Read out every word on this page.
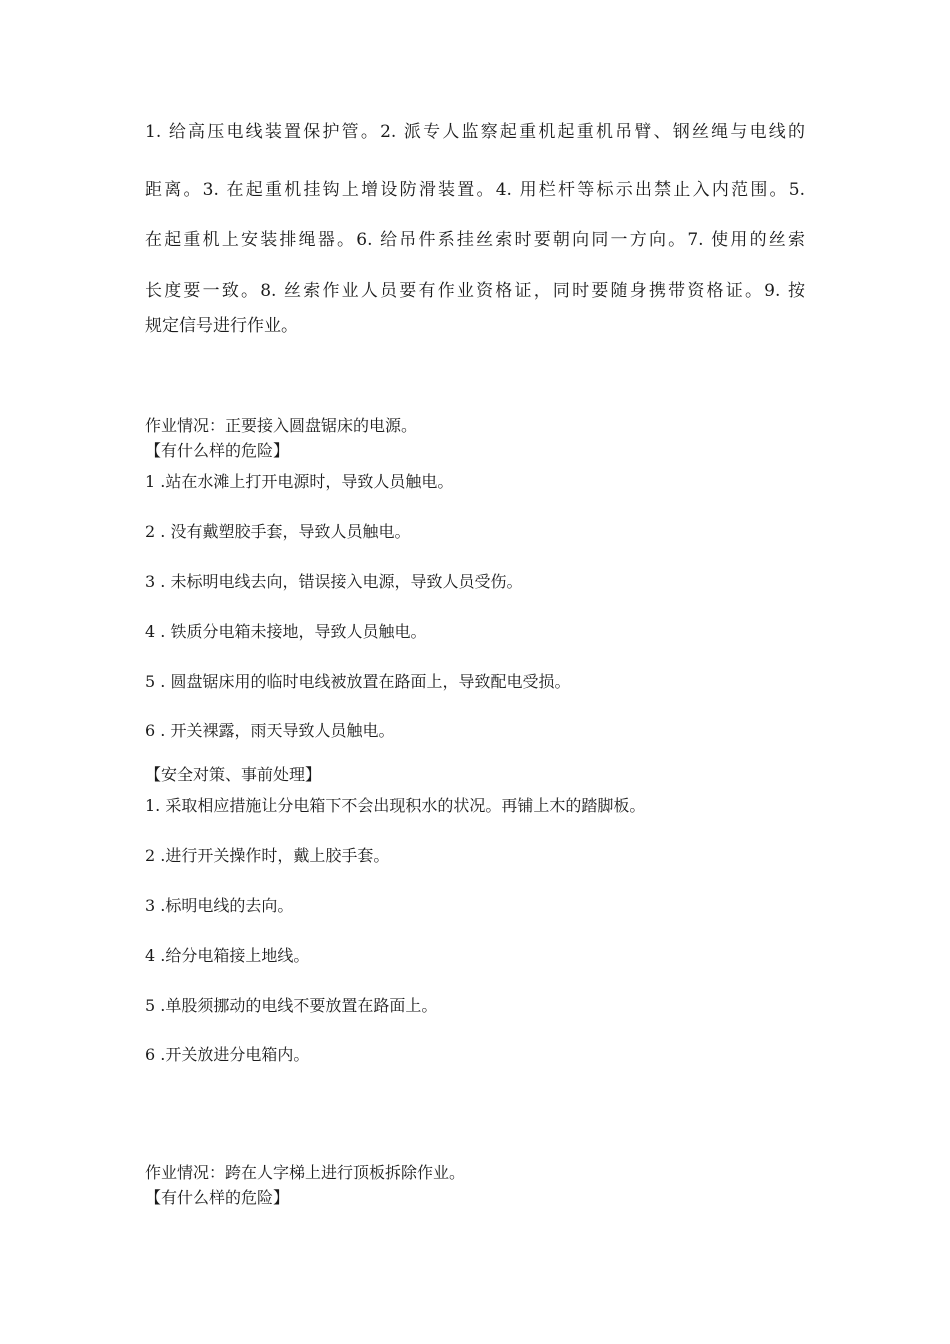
1. 给高压电线装置保护管。2. 派专人监察起重机起重机吊臂、钢丝绳与电线的
距离。3. 在起重机挂钩上增设防滑装置。4. 用栏杆等标示出禁止入内范围。5.
在起重机上安装排绳器。6. 给吊件系挂丝索时要朝向同一方向。7. 使用的丝索
长度要一致。8. 丝索作业人员要有作业资格证，同时要随身携带资格证。9. 按
规定信号进行作业。
作业情况：正要接入圆盘锯床的电源。
【有什么样的危险】
1 .站在水滩上打开电源时，导致人员触电。
2 . 没有戴塑胶手套，导致人员触电。
3 . 未标明电线去向，错误接入电源，导致人员受伤。
4 . 铁质分电箱未接地，导致人员触电。
5 . 圆盘锯床用的临时电线被放置在路面上，导致配电受损。
6 . 开关裸露，雨天导致人员触电。
【安全对策、事前处理】
1. 采取相应措施让分电箱下不会出现积水的状况。再铺上木的踏脚板。
2 .进行开关操作时，戴上胶手套。
3 .标明电线的去向。
4 .给分电箱接上地线。
5 .单股须挪动的电线不要放置在路面上。
6 .开关放进分电箱内。
作业情况：跨在人字梯上进行顶板拆除作业。
【有什么样的危险】
